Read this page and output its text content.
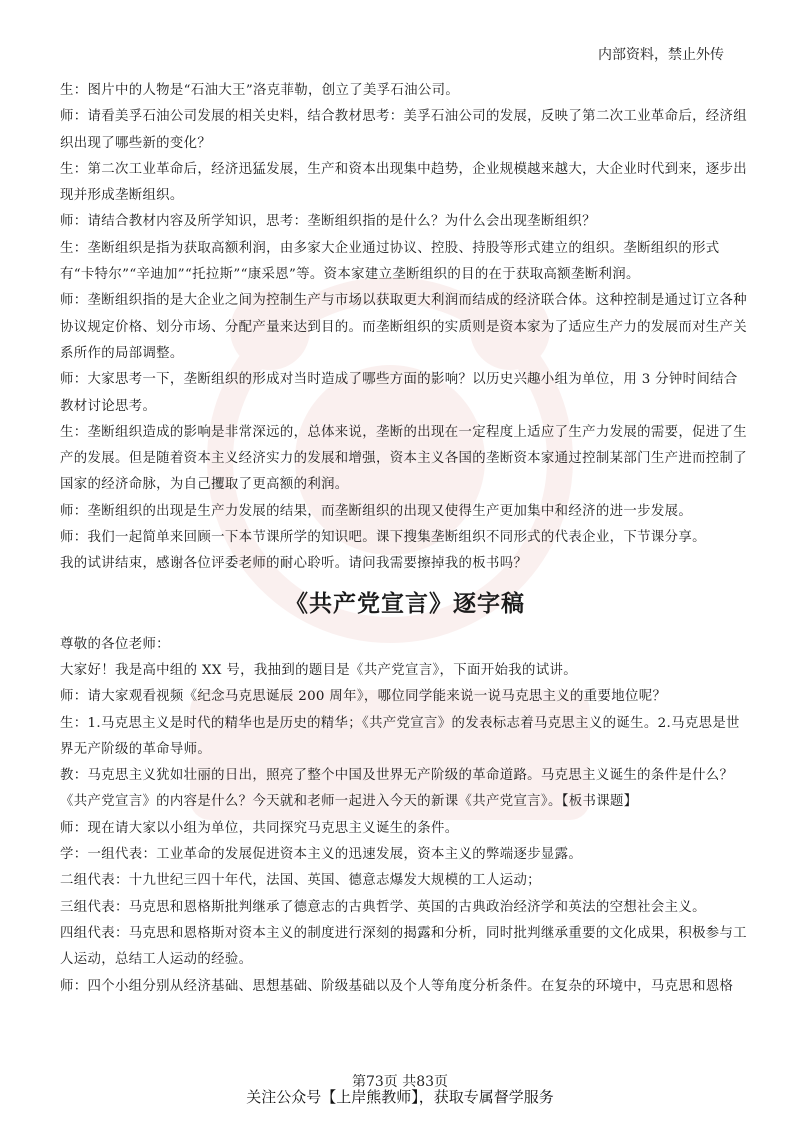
内部资料，禁止外传

生：图片中的人物是“石油大王”洛克菲勒，创立了美孚石油公司。

师：请看美孚石油公司发展的相关史料，结合教材思考：美孚石油公司的发展，反映了第二次工业革命后，经济组织出现了哪些新的变化？

生：第二次工业革命后，经济迅猛发展，生产和资本出现集中趋势，企业规模越来越大，大企业时代到来，逐步出现并形成垄断组织。

师：请结合教材内容及所学知识，思考：垄断组织指的是什么？为什么会出现垄断组织？

生：垄断组织是指为获取高额利润，由多家大企业通过协议、控股、持股等形式建立的组织。垄断组织的形式有“卡特尔”“辛迪加”“托拉斯”“康采恩”等。资本家建立垄断组织的目的在于获取高额垄断利润。

师：垄断组织指的是大企业之间为控制生产与市场以获取更大利润而结成的经济联合体。这种控制是通过订立各种协议规定价格、划分市场、分配产量来达到目的。而垄断组织的实质则是资本家为了适应生产力的发展而对生产关系所作的局部调整。

师：大家思考一下，垄断组织的形成对当时造成了哪些方面的影响？以历史兴趣小组为单位，用 3 分钟时间结合教材讨论思考。

生：垄断组织造成的影响是非常深远的，总体来说，垄断的出现在一定程度上适应了生产力发展的需要，促进了生产的发展。但是随着资本主义经济实力的发展和增强，资本主义各国的垄断资本家通过控制某部门生产进而控制了国家的经济命脉，为自己攫取了更高额的利润。

师：垄断组织的出现是生产力发展的结果，而垄断组织的出现又使得生产更加集中和经济的进一步发展。

师：我们一起简单来回顾一下本节课所学的知识吧。课下搜集垄断组织不同形式的代表企业，下节课分享。

我的试讲结束，感谢各位评委老师的耐心聆听。请问我需要擦掉我的板书吗？

《共产党宣言》逐字稿

尊敬的各位老师：

大家好！我是高中组的 XX 号，我抽到的题目是《共产党宣言》，下面开始我的试讲。

师：请大家观看视频《纪念马克思诞辰 200 周年》，哪位同学能来说一说马克思主义的重要地位呢？

生：1.马克思主义是时代的精华也是历史的精华；《共产党宣言》的发表标志着马克思主义的诞生。2.马克思是世界无产阶级的革命导师。

教：马克思主义犹如壮丽的日出，照亮了整个中国及世界无产阶级的革命道路。马克思主义诞生的条件是什么？《共产党宣言》的内容是什么？今天就和老师一起进入今天的新课《共产党宣言》。【板书课题】

师：现在请大家以小组为单位，共同探究马克思主义诞生的条件。

学：一组代表：工业革命的发展促进资本主义的迅速发展，资本主义的弊端逐步显露。

二组代表：十九世纪三四十年代，法国、英国、德意志爆发大规模的工人运动；

三组代表：马克思和恩格斯批判继承了德意志的古典哲学、英国的古典政治经济学和英法的空想社会主义。

四组代表：马克思和恩格斯对资本主义的制度进行深刻的揭露和分析，同时批判继承重要的文化成果，积极参与工人运动，总结工人运动的经验。

师：四个小组分别从经济基础、思想基础、阶级基础以及个人等角度分析条件。在复杂的环境中，马克思和恩格

第73页 共83页
关注公众号【上岸熊教师】，获取专属督学服务
